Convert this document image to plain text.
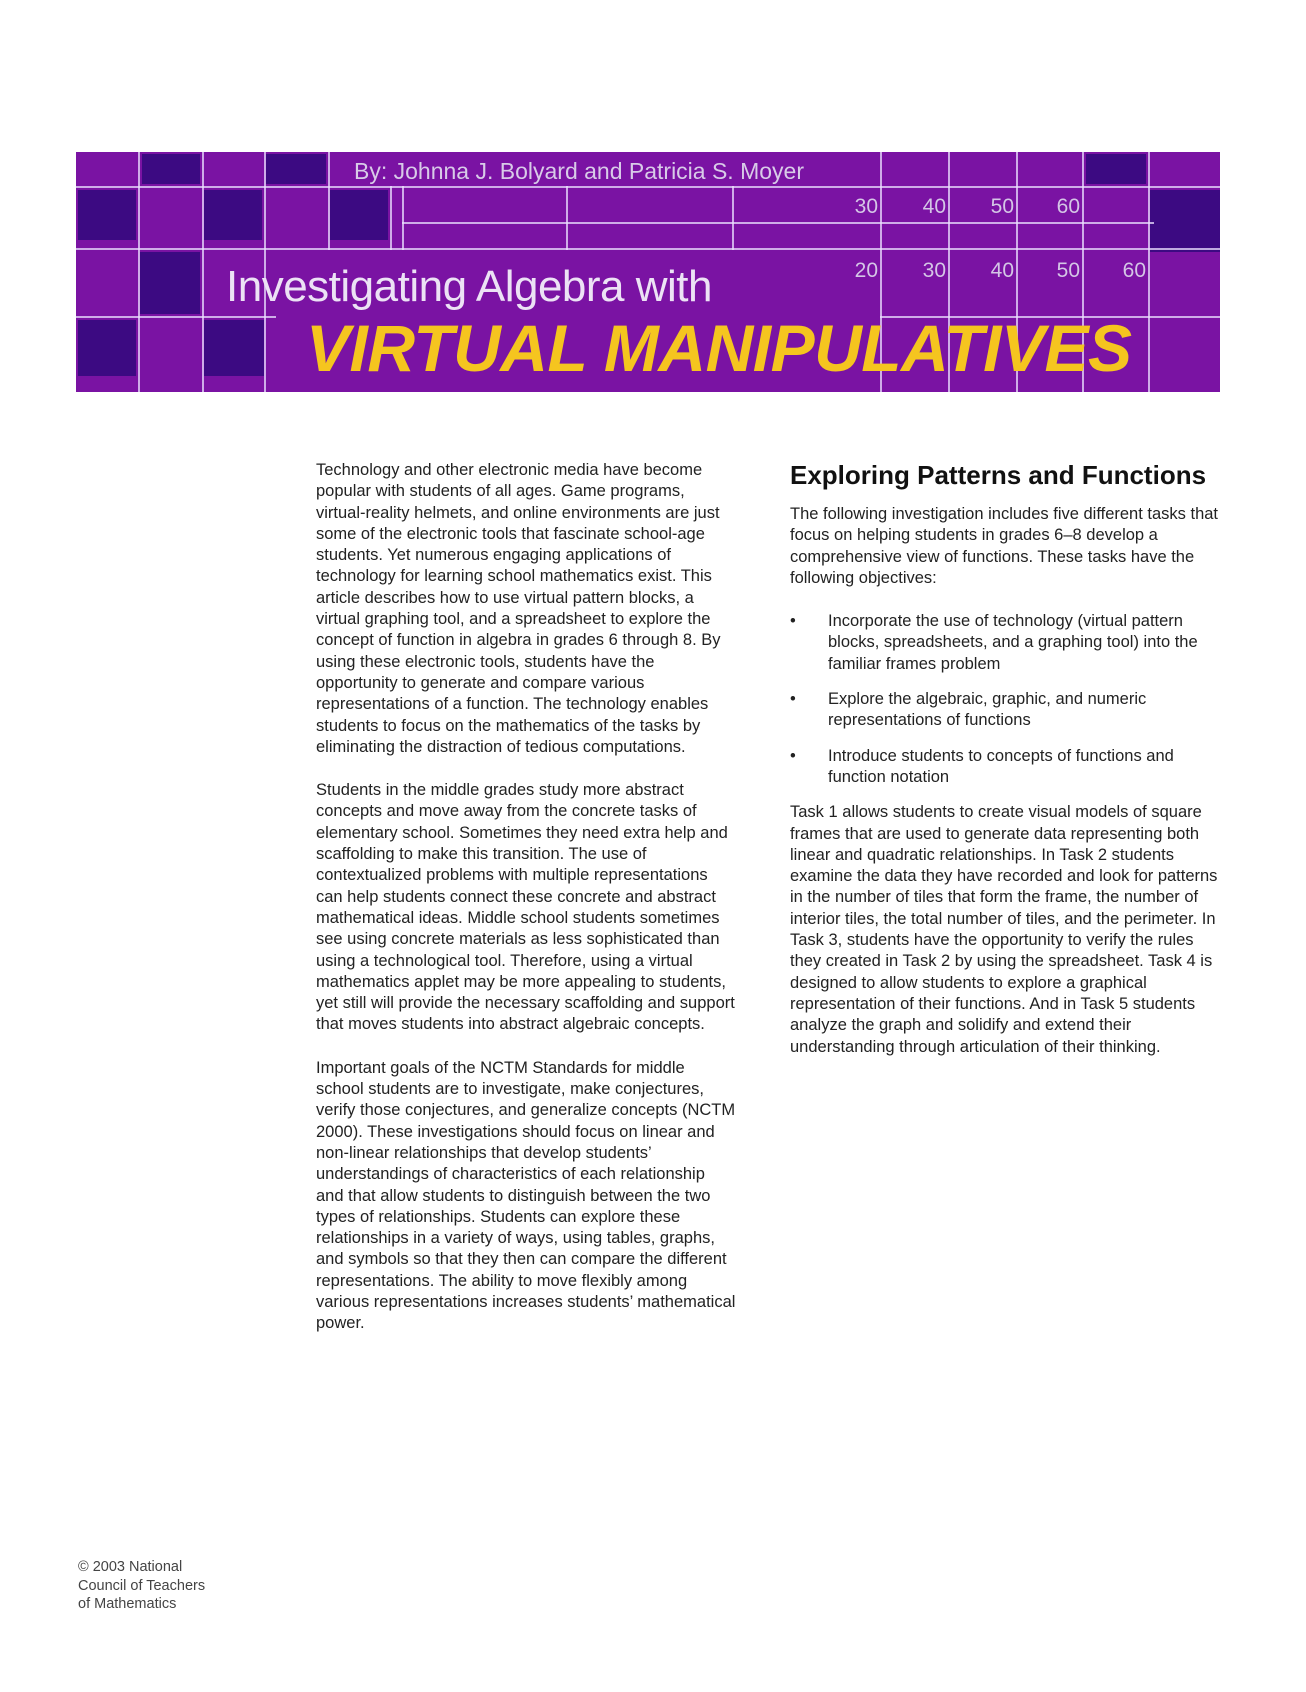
30	40	50	60
20	30	40	50	60
By: Johnna J. Bolyard and Patricia S. Moyer
Investigating Algebra with
VIRTUAL MANIPULATIVES

Technology and other electronic media have become popular with students of all ages. Game programs, virtual-reality helmets, and online environments are just some of the electronic tools that fascinate school-age students. Yet numerous engaging applications of technology for learning school mathematics exist. This article describes how to use virtual pattern blocks, a virtual graphing tool, and a spreadsheet to explore the concept of function in algebra in grades 6 through 8. By using these electronic tools, students have the opportunity to generate and compare various representations of a function. The technology enables students to focus on the mathematics of the tasks by eliminating the distraction of tedious computations.

Students in the middle grades study more abstract concepts and move away from the concrete tasks of elementary school. Sometimes they need extra help and scaffolding to make this transition. The use of contextualized problems with multiple representations can help students connect these concrete and abstract mathematical ideas. Middle school students sometimes see using concrete materials as less sophisticated than using a technological tool. Therefore, using a virtual mathematics applet may be more appealing to students, yet still will provide the necessary scaffolding and support that moves students into abstract algebraic concepts.

Important goals of the NCTM Standards for middle school students are to investigate, make conjectures, verify those conjectures, and generalize concepts (NCTM 2000). These investigations should focus on linear and non-linear relationships that develop students’ understandings of characteristics of each relationship and that allow students to distinguish between the two types of relationships. Students can explore these relationships in a variety of ways, using tables, graphs, and symbols so that they then can compare the different representations. The ability to move flexibly among various representations increases students’ mathematical power.

Exploring Patterns and Functions

The following investigation includes five different tasks that focus on helping students in grades 6–8 develop a comprehensive view of functions. These tasks have the following objectives:

• Incorporate the use of technology (virtual pattern blocks, spreadsheets, and a graphing tool) into the familiar frames problem
• Explore the algebraic, graphic, and numeric representations of functions
• Introduce students to concepts of functions and function notation

Task 1 allows students to create visual models of square frames that are used to generate data representing both linear and quadratic relationships. In Task 2 students examine the data they have recorded and look for patterns in the number of tiles that form the frame, the number of interior tiles, the total number of tiles, and the perimeter. In Task 3, students have the opportunity to verify the rules they created in Task 2 by using the spreadsheet. Task 4 is designed to allow students to explore a graphical representation of their functions. And in Task 5 students analyze the graph and solidify and extend their understanding through articulation of their thinking.

© 2003 National
Council of Teachers
of Mathematics
